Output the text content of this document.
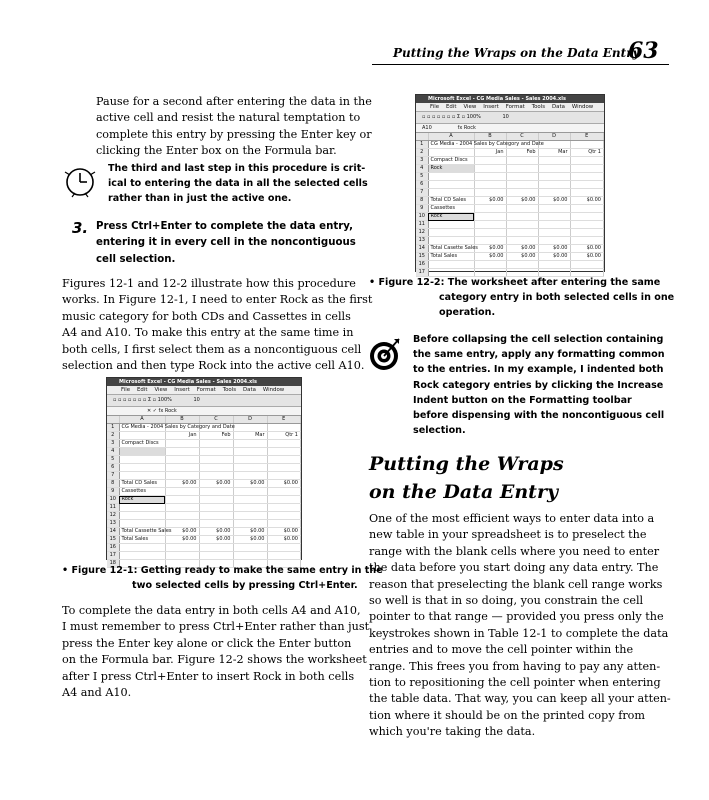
Putting the Wraps on the Data Entry
63
Pause for a second after entering the data in the
active cell and resist the natural temptation to
complete this entry by pressing the Enter key or
clicking the Enter box on the Formula bar.
The third and last step in this procedure is crit-
ical to entering the data in all the selected cells
rather than in just the active one.
3. Press Ctrl+Enter to complete the data entry,
entering it in every cell in the noncontiguous
cell selection.
Figures 12-1 and 12-2 illustrate how this procedure
works. In Figure 12-1, I need to enter Rock as the first
music category for both CDs and Cassettes in cells
A4 and A10. To make this entry at the same time in
both cells, I first select them as a noncontiguous cell
selection and then type Rock into the active cell A10.
Microsoft Excel - CG Media Sales - Sales 2004.xls
File Edit View Insert Format Tools Data Window
▫ ▫ ▫ ▫ ▫ ▫ ▫ Σ ▫ 100%	10
✕ ✓ fx Rock
	A	B	C	D	E
1	CG Media - 2004 Sales by Category and Date				
2		Jan	Feb	Mar	Qtr 1
3	Compact Discs				
4					
5					
6					
7					
8	Total CD Sales	$0.00	$0.00	$0.00	$0.00
9	Cassettes				
10	Rock				
11					
12					
13					
14	Total Cassette Sales	$0.00	$0.00	$0.00	$0.00
15	Total Sales	$0.00	$0.00	$0.00	$0.00
16					
17					
18					
• Figure 12-1: Getting ready to make the same entry in the
two selected cells by pressing Ctrl+Enter.
To complete the data entry in both cells A4 and A10,
I must remember to press Ctrl+Enter rather than just
press the Enter key alone or click the Enter button
on the Formula bar. Figure 12-2 shows the worksheet
after I press Ctrl+Enter to insert Rock in both cells
A4 and A10.
Microsoft Excel - CG Media Sales - Sales 2004.xls
File Edit View Insert Format Tools Data Window
▫ ▫ ▫ ▫ ▫ ▫ ▫ Σ ▫ 100%	10
A10	fx Rock
	A	B	C	D	E
1	CG Media - 2004 Sales by Category and Date				
2		Jan	Feb	Mar	Qtr 1
3	Compact Discs				
4	Rock				
5					
6					
7					
8	Total CD Sales	$0.00	$0.00	$0.00	$0.00
9	Cassettes				
10	Rock				
11					
12					
13					
14	Total Casette Sales	$0.00	$0.00	$0.00	$0.00
15	Total Sales	$0.00	$0.00	$0.00	$0.00
16					
17					
• Figure 12-2: The worksheet after entering the same
category entry in both selected cells in one
operation.
Before collapsing the cell selection containing
the same entry, apply any formatting common
to the entries. In my example, I indented both
Rock category entries by clicking the Increase
Indent button on the Formatting toolbar
before dispensing with the noncontiguous cell
selection.
Putting the Wraps
on the Data Entry
One of the most efficient ways to enter data into a
new table in your spreadsheet is to preselect the
range with the blank cells where you need to enter
the data before you start doing any data entry. The
reason that preselecting the blank cell range works
so well is that in so doing, you constrain the cell
pointer to that range — provided you press only the
keystrokes shown in Table 12-1 to complete the data
entries and to move the cell pointer within the
range. This frees you from having to pay any atten-
tion to repositioning the cell pointer when entering
the table data. That way, you can keep all your atten-
tion where it should be on the printed copy from
which you're taking the data.
